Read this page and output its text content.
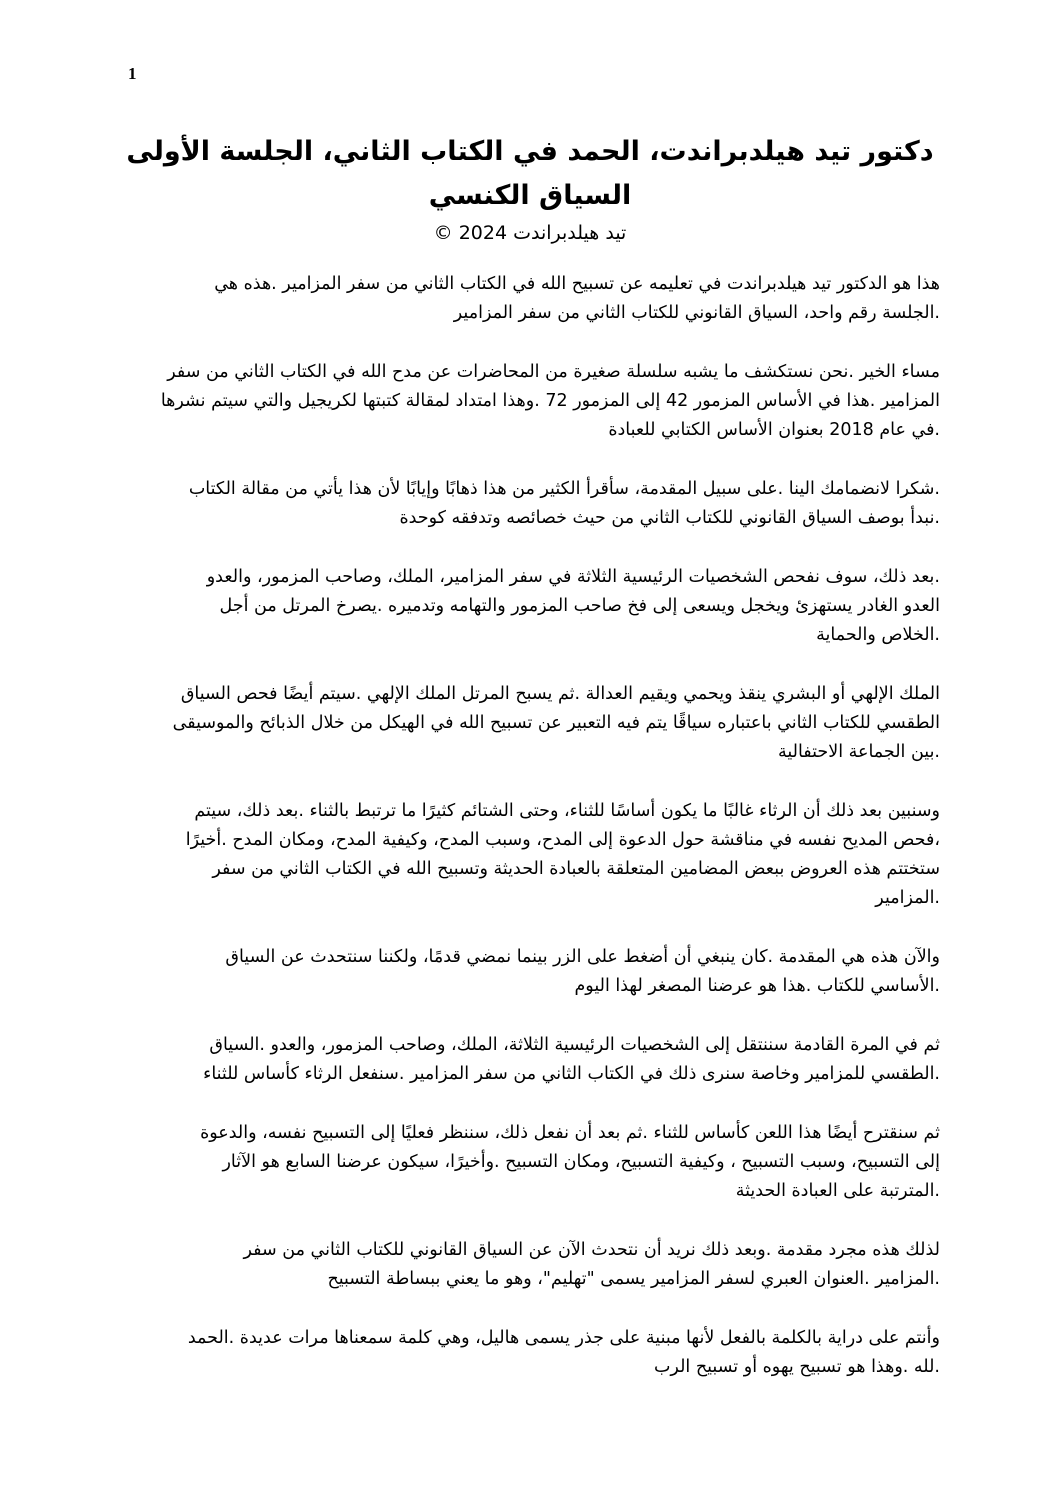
1

دكتور تيد هيلدبراندت، الحمد في الكتاب الثاني، الجلسة الأولى

السياق الكنسي

تيد هيلدبراندت 2024 ©

هذا هو الدكتور تيد هيلدبراندت في تعليمه عن تسبيح الله في الكتاب الثاني من سفر المزامير .هذه هي
.الجلسة رقم واحد، السياق القانوني للكتاب الثاني من سفر المزامير
مساء الخير .نحن نستكشف ما يشبه سلسلة صغيرة من المحاضرات عن مدح الله في الكتاب الثاني من سفر
المزامير .هذا في الأساس المزمور 42 إلى المزمور 72 .وهذا امتداد لمقالة كتبتها لكريجيل والتي سيتم نشرها
.في عام 2018 بعنوان الأساس الكتابي للعبادة
.شكرا لانضمامك الينا .على سبيل المقدمة، سأقرأ الكثير من هذا ذهابًا وإيابًا لأن هذا يأتي من مقالة الكتاب
.نبدأ بوصف السياق القانوني للكتاب الثاني من حيث خصائصه وتدفقه كوحدة
.بعد ذلك، سوف نفحص الشخصيات الرئيسية الثلاثة في سفر المزامير، الملك، وصاحب المزمور، والعدو
العدو الغادر يستهزئ ويخجل ويسعى إلى فخ صاحب المزمور والتهامه وتدميره .يصرخ المرتل من أجل
.الخلاص والحماية
الملك الإلهي أو البشري ينقذ ويحمي ويقيم العدالة .ثم يسبح المرتل الملك الإلهي .سيتم أيضًا فحص السياق
الطقسي للكتاب الثاني باعتباره سياقًا يتم فيه التعبير عن تسبيح الله في الهيكل من خلال الذبائح والموسيقى
.بين الجماعة الاحتفالية
وسنبين بعد ذلك أن الرثاء غالبًا ما يكون أساسًا للثناء، وحتى الشتائم كثيرًا ما ترتبط بالثناء .بعد ذلك، سيتم
،فحص المديح نفسه في مناقشة حول الدعوة إلى المدح، وسبب المدح، وكيفية المدح، ومكان المدح .أخيرًا
ستختتم هذه العروض ببعض المضامين المتعلقة بالعبادة الحديثة وتسبيح الله في الكتاب الثاني من سفر
.المزامير
والآن هذه هي المقدمة .كان ينبغي أن أضغط على الزر بينما نمضي قدمًا، ولكننا سنتحدث عن السياق
.الأساسي للكتاب .هذا هو عرضنا المصغر لهذا اليوم
ثم في المرة القادمة سننتقل إلى الشخصيات الرئيسية الثلاثة، الملك، وصاحب المزمور، والعدو .السياق
.الطقسي للمزامير وخاصة سنرى ذلك في الكتاب الثاني من سفر المزامير .سنفعل الرثاء كأساس للثناء
ثم سنقترح أيضًا هذا اللعن كأساس للثناء .ثم بعد أن نفعل ذلك، سننظر فعليًا إلى التسبيح نفسه، والدعوة
إلى التسبيح، وسبب التسبيح ، وكيفية التسبيح، ومكان التسبيح .وأخيرًا، سيكون عرضنا السابع هو الآثار
.المترتبة على العبادة الحديثة
لذلك هذه مجرد مقدمة .وبعد ذلك نريد أن نتحدث الآن عن السياق القانوني للكتاب الثاني من سفر
.المزامير .العنوان العبري لسفر المزامير يسمى "تهليم"، وهو ما يعني ببساطة التسبيح
وأنتم على دراية بالكلمة بالفعل لأنها مبنية على جذر يسمى هاليل، وهي كلمة سمعناها مرات عديدة .الحمد
.لله .وهذا هو تسبيح يهوه أو تسبيح الرب
